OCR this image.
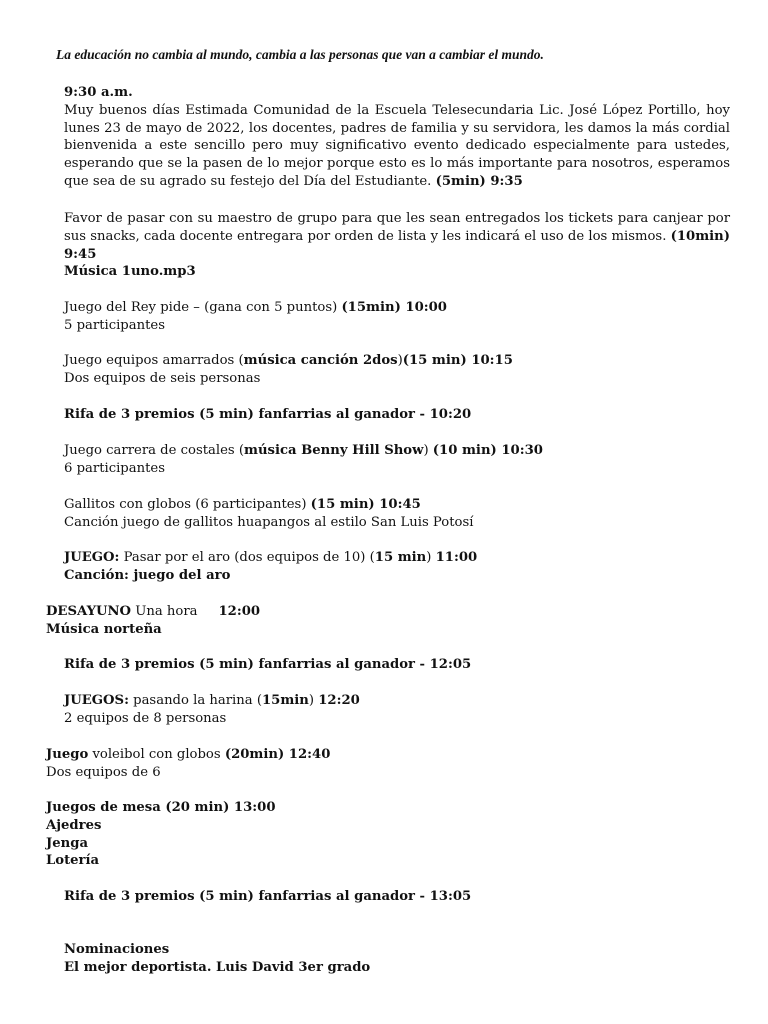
La educación no cambia al mundo, cambia a las personas que van a cambiar el mundo.

9:30 a.m.

Muy buenos días Estimada Comunidad de la Escuela Telesecundaria Lic. José López Portillo, hoy lunes 23 de mayo de 2022, los docentes, padres de familia y su servidora, les damos la más cordial bienvenida a este sencillo pero muy significativo evento dedicado especialmente para ustedes, esperando que se la pasen de lo mejor porque esto es lo más importante para nosotros, esperamos que sea de su agrado su festejo del Día del Estudiante. (5min) 9:35

Favor de pasar con su maestro de grupo para que les sean entregados los tickets para canjear por sus snacks, cada docente entregara por orden de lista y les indicará el uso de los mismos. (10min) 9:45

Música 1uno.mp3

Juego del Rey pide – (gana con 5 puntos) (15min) 10:00

5 participantes

Juego equipos amarrados (música canción 2dos)(15 min) 10:15

Dos equipos de seis personas

Rifa de 3 premios (5 min) fanfarrias al ganador - 10:20

Juego carrera de costales (música Benny Hill Show) (10 min) 10:30

6 participantes

Gallitos con globos (6 participantes) (15 min) 10:45

Canción juego de gallitos huapangos al estilo San Luis Potosí

JUEGO: Pasar por el aro (dos equipos de 10) (15 min) 11:00

Canción: juego del aro

DESAYUNO Una hora     12:00

Música norteña

Rifa de 3 premios (5 min) fanfarrias al ganador - 12:05

JUEGOS: pasando la harina (15min) 12:20

2 equipos de 8 personas

Juego voleibol con globos (20min) 12:40

Dos equipos de 6

Juegos de mesa (20 min) 13:00

Ajedres

Jenga

Lotería

Rifa de 3 premios (5 min) fanfarrias al ganador - 13:05

Nominaciones

El mejor deportista. Luis David 3er grado
